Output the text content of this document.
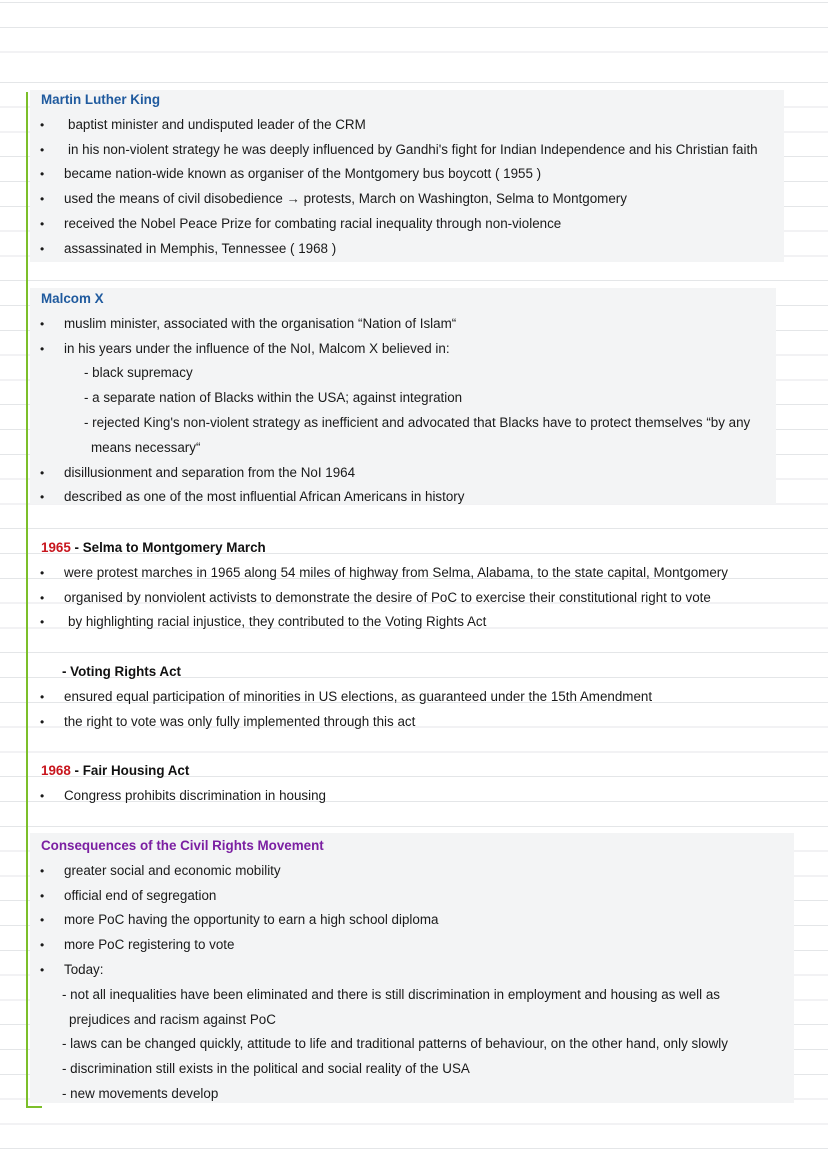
Martin Luther King
• baptist minister and undisputed leader of the CRM
• in his non-violent strategy he was deeply influenced by Gandhi's fight for Indian Independence and his Christian faith
• became nation-wide known as organiser of the Montgomery bus boycott ( 1955 )
• used the means of civil disobedience → protests, March on Washington, Selma to Montgomery
• received the Nobel Peace Prize for combating racial inequality through non-violence
• assassinated in Memphis, Tennessee ( 1968 )
Malcom X
• muslim minister, associated with the organisation “Nation of Islam“
• in his years under the influence of the NoI, Malcom X believed in:
- black supremacy
- a separate nation of Blacks within the USA; against integration
- rejected King's non-violent strategy as inefficient and advocated that Blacks have to protect themselves “by any
means necessary“
• disillusionment and separation from the NoI 1964
• described as one of the most influential African Americans in history
1965 - Selma to Montgomery March
• were protest marches in 1965 along 54 miles of highway from Selma, Alabama, to the state capital, Montgomery
• organised by nonviolent activists to demonstrate the desire of PoC to exercise their constitutional right to vote
• by highlighting racial injustice, they contributed to the Voting Rights Act
- Voting Rights Act
• ensured equal participation of minorities in US elections, as guaranteed under the 15th Amendment
• the right to vote was only fully implemented through this act
1968 - Fair Housing Act
• Congress prohibits discrimination in housing
Consequences of the Civil Rights Movement
• greater social and economic mobility
• official end of segregation
• more PoC having the opportunity to earn a high school diploma
• more PoC registering to vote
• Today:
- not all inequalities have been eliminated and there is still discrimination in employment and housing as well as
prejudices and racism against PoC
- laws can be changed quickly, attitude to life and traditional patterns of behaviour, on the other hand, only slowly
- discrimination still exists in the political and social reality of the USA
- new movements develop
